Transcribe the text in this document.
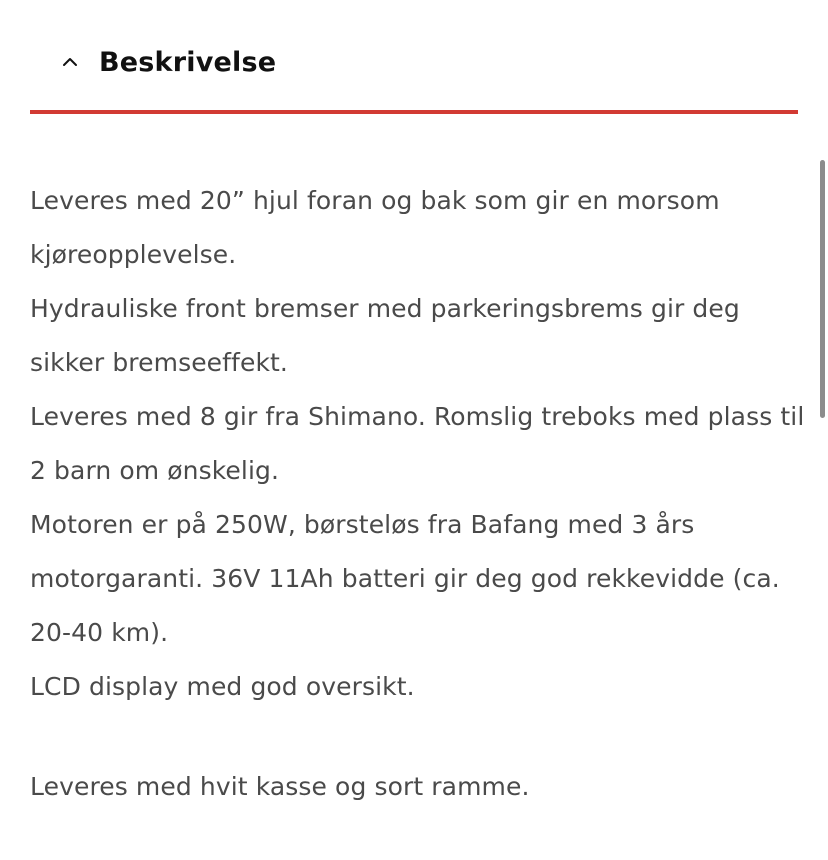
Beskrivelse

Leveres med 20” hjul foran og bak som gir en morsom kjøreopplevelse.

Hydrauliske front bremser med parkeringsbrems gir deg sikker bremseeffekt.

Leveres med 8 gir fra Shimano. Romslig treboks med plass til 2 barn om ønskelig.

Motoren er på 250W, børsteløs fra Bafang med 3 års motorgaranti. 36V 11Ah batteri gir deg god rekkevidde (ca. 20-40 km).

LCD display med god oversikt.

Leveres med hvit kasse og sort ramme.
